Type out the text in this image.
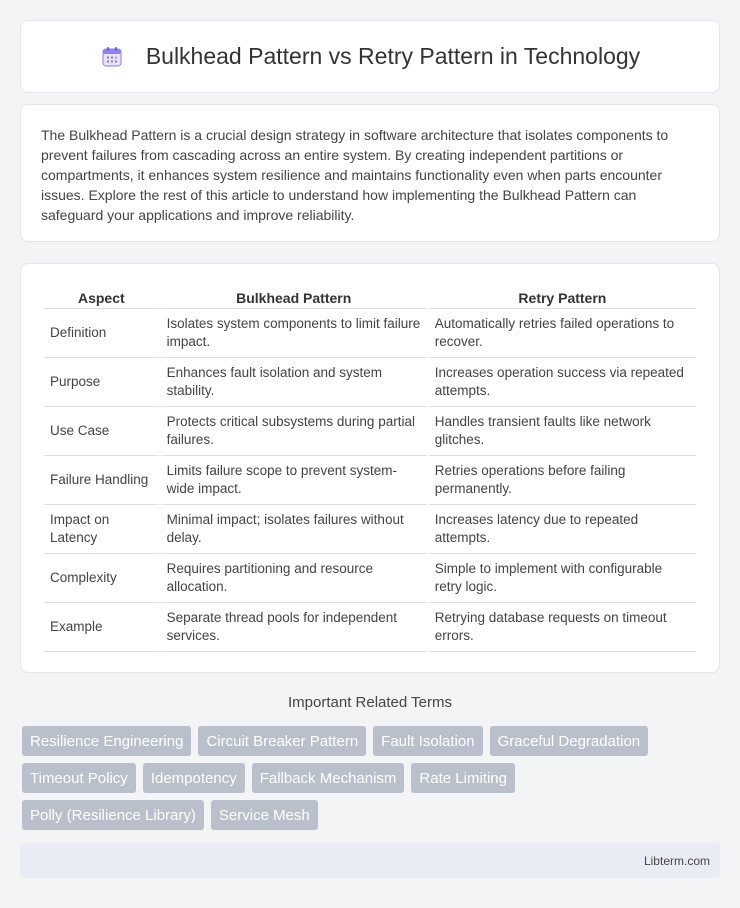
Bulkhead Pattern vs Retry Pattern in Technology

The Bulkhead Pattern is a crucial design strategy in software architecture that isolates components to prevent failures from cascading across an entire system. By creating independent partitions or compartments, it enhances system resilience and maintains functionality even when parts encounter issues. Explore the rest of this article to understand how implementing the Bulkhead Pattern can safeguard your applications and improve reliability.

Aspect	Bulkhead Pattern	Retry Pattern
Definition	Isolates system components to limit failure impact.	Automatically retries failed operations to recover.
Purpose	Enhances fault isolation and system stability.	Increases operation success via repeated attempts.
Use Case	Protects critical subsystems during partial failures.	Handles transient faults like network glitches.
Failure Handling	Limits failure scope to prevent system-wide impact.	Retries operations before failing permanently.
Impact on Latency	Minimal impact; isolates failures without delay.	Increases latency due to repeated attempts.
Complexity	Requires partitioning and resource allocation.	Simple to implement with configurable retry logic.
Example	Separate thread pools for independent services.	Retrying database requests on timeout errors.
Important Related Terms
Resilience Engineering	Circuit Breaker Pattern	Fault Isolation	Graceful Degradation
Timeout Policy	Idempotency	Fallback Mechanism	Rate Limiting
Polly (Resilience Library)	Service Mesh
Libterm.com
